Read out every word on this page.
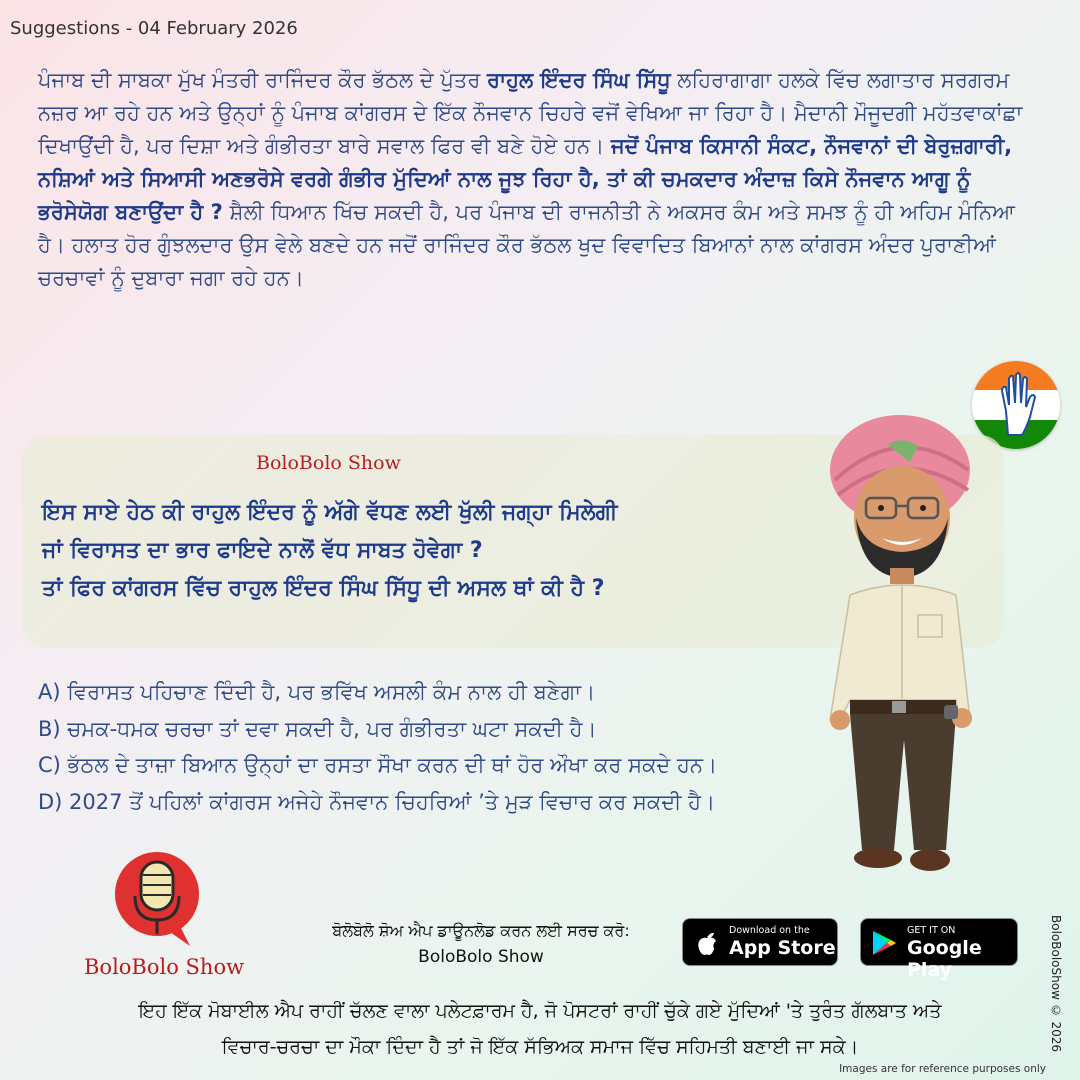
Suggestions - 04 February 2026
ਪੰਜਾਬ ਦੀ ਸਾਬਕਾ ਮੁੱਖ ਮੰਤਰੀ ਰਾਜਿੰਦਰ ਕੌਰ ਭੱਠਲ ਦੇ ਪੁੱਤਰ ਰਾਹੁਲ ਇੰਦਰ ਸਿੰਘ ਸਿੱਧੂ ਲਹਿਰਾਗਾਗਾ ਹਲਕੇ ਵਿੱਚ ਲਗਾਤਾਰ ਸਰਗਰਮ ਨਜ਼ਰ ਆ ਰਹੇ ਹਨ ਅਤੇ ਉਨ੍ਹਾਂ ਨੂੰ ਪੰਜਾਬ ਕਾਂਗਰਸ ਦੇ ਇੱਕ ਨੌਜਵਾਨ ਚਿਹਰੇ ਵਜੋਂ ਵੇਖਿਆ ਜਾ ਰਿਹਾ ਹੈ। ਮੈਦਾਨੀ ਮੌਜੂਦਗੀ ਮਹੱਤਵਾਕਾਂਛਾ ਦਿਖਾਉਂਦੀ ਹੈ, ਪਰ ਦਿਸ਼ਾ ਅਤੇ ਗੰਭੀਰਤਾ ਬਾਰੇ ਸਵਾਲ ਫਿਰ ਵੀ ਬਣੇ ਹੋਏ ਹਨ। ਜਦੋਂ ਪੰਜਾਬ ਕਿਸਾਨੀ ਸੰਕਟ, ਨੌਜਵਾਨਾਂ ਦੀ ਬੇਰੁਜ਼ਗਾਰੀ, ਨਸ਼ਿਆਂ ਅਤੇ ਸਿਆਸੀ ਅਣਭਰੋਸੇ ਵਰਗੇ ਗੰਭੀਰ ਮੁੱਦਿਆਂ ਨਾਲ ਜੂਝ ਰਿਹਾ ਹੈ, ਤਾਂ ਕੀ ਚਮਕਦਾਰ ਅੰਦਾਜ਼ ਕਿਸੇ ਨੌਜਵਾਨ ਆਗੂ ਨੂੰ ਭਰੋਸੇਯੋਗ ਬਣਾਉਂਦਾ ਹੈ ? ਸ਼ੈਲੀ ਧਿਆਨ ਖਿੱਚ ਸਕਦੀ ਹੈ, ਪਰ ਪੰਜਾਬ ਦੀ ਰਾਜਨੀਤੀ ਨੇ ਅਕਸਰ ਕੰਮ ਅਤੇ ਸਮਝ ਨੂੰ ਹੀ ਅਹਿਮ ਮੰਨਿਆ ਹੈ। ਹਲਾਤ ਹੋਰ ਗੁੰਝਲਦਾਰ ਉਸ ਵੇਲੇ ਬਣਦੇ ਹਨ ਜਦੋਂ ਰਾਜਿੰਦਰ ਕੌਰ ਭੱਠਲ ਖੁਦ ਵਿਵਾਦਿਤ ਬਿਆਨਾਂ ਨਾਲ ਕਾਂਗਰਸ ਅੰਦਰ ਪੁਰਾਣੀਆਂ ਚਰਚਾਵਾਂ ਨੂੰ ਦੁਬਾਰਾ ਜਗਾ ਰਹੇ ਹਨ।
BoloBolo Show
ਇਸ ਸਾਏ ਹੇਠ ਕੀ ਰਾਹੁਲ ਇੰਦਰ ਨੂੰ ਅੱਗੇ ਵੱਧਣ ਲਈ ਖੁੱਲੀ ਜਗ੍ਹਾ ਮਿਲੇਗੀ
ਜਾਂ ਵਿਰਾਸਤ ਦਾ ਭਾਰ ਫਾਇਦੇ ਨਾਲੋਂ ਵੱਧ ਸਾਬਤ ਹੋਵੇਗਾ ?
ਤਾਂ ਫਿਰ ਕਾਂਗਰਸ ਵਿੱਚ ਰਾਹੁਲ ਇੰਦਰ ਸਿੰਘ ਸਿੱਧੂ ਦੀ ਅਸਲ ਥਾਂ ਕੀ ਹੈ ?
A) ਵਿਰਾਸਤ ਪਹਿਚਾਣ ਦਿੰਦੀ ਹੈ, ਪਰ ਭਵਿੱਖ ਅਸਲੀ ਕੰਮ ਨਾਲ ਹੀ ਬਣੇਗਾ।
B) ਚਮਕ-ਧਮਕ ਚਰਚਾ ਤਾਂ ਦਵਾ ਸਕਦੀ ਹੈ, ਪਰ ਗੰਭੀਰਤਾ ਘਟਾ ਸਕਦੀ ਹੈ।
C) ਭੱਠਲ ਦੇ ਤਾਜ਼ਾ ਬਿਆਨ ਉਨ੍ਹਾਂ ਦਾ ਰਸਤਾ ਸੌਖਾ ਕਰਨ ਦੀ ਥਾਂ ਹੋਰ ਔਖਾ ਕਰ ਸਕਦੇ ਹਨ।
D) 2027 ਤੋਂ ਪਹਿਲਾਂ ਕਾਂਗਰਸ ਅਜੇਹੇ ਨੌਜਵਾਨ ਚਿਹਰਿਆਂ ’ਤੇ ਮੁੜ ਵਿਚਾਰ ਕਰ ਸਕਦੀ ਹੈ।
BoloBolo Show
ਬੋਲੋਬੋਲੋ ਸ਼ੋਅ ਐਪ ਡਾਊਨਲੋਡ ਕਰਨ ਲਈ ਸਰਚ ਕਰੋ:
BoloBolo Show
Download on the
App Store
GET IT ON
Google Play
ਇਹ ਇੱਕ ਮੋਬਾਈਲ ਐਪ ਰਾਹੀਂ ਚੱਲਣ ਵਾਲਾ ਪਲੇਟਫ਼ਾਰਮ ਹੈ, ਜੋ ਪੋਸਟਰਾਂ ਰਾਹੀਂ ਚੁੱਕੇ ਗਏ ਮੁੱਦਿਆਂ 'ਤੇ ਤੁਰੰਤ ਗੱਲਬਾਤ ਅਤੇ
ਵਿਚਾਰ-ਚਰਚਾ ਦਾ ਮੌਕਾ ਦਿੰਦਾ ਹੈ ਤਾਂ ਜੋ ਇੱਕ ਸੱਭਿਅਕ ਸਮਾਜ ਵਿੱਚ ਸਹਿਮਤੀ ਬਣਾਈ ਜਾ ਸਕੇ।	BoloBoloShow © 2026
Images are for reference purposes only
